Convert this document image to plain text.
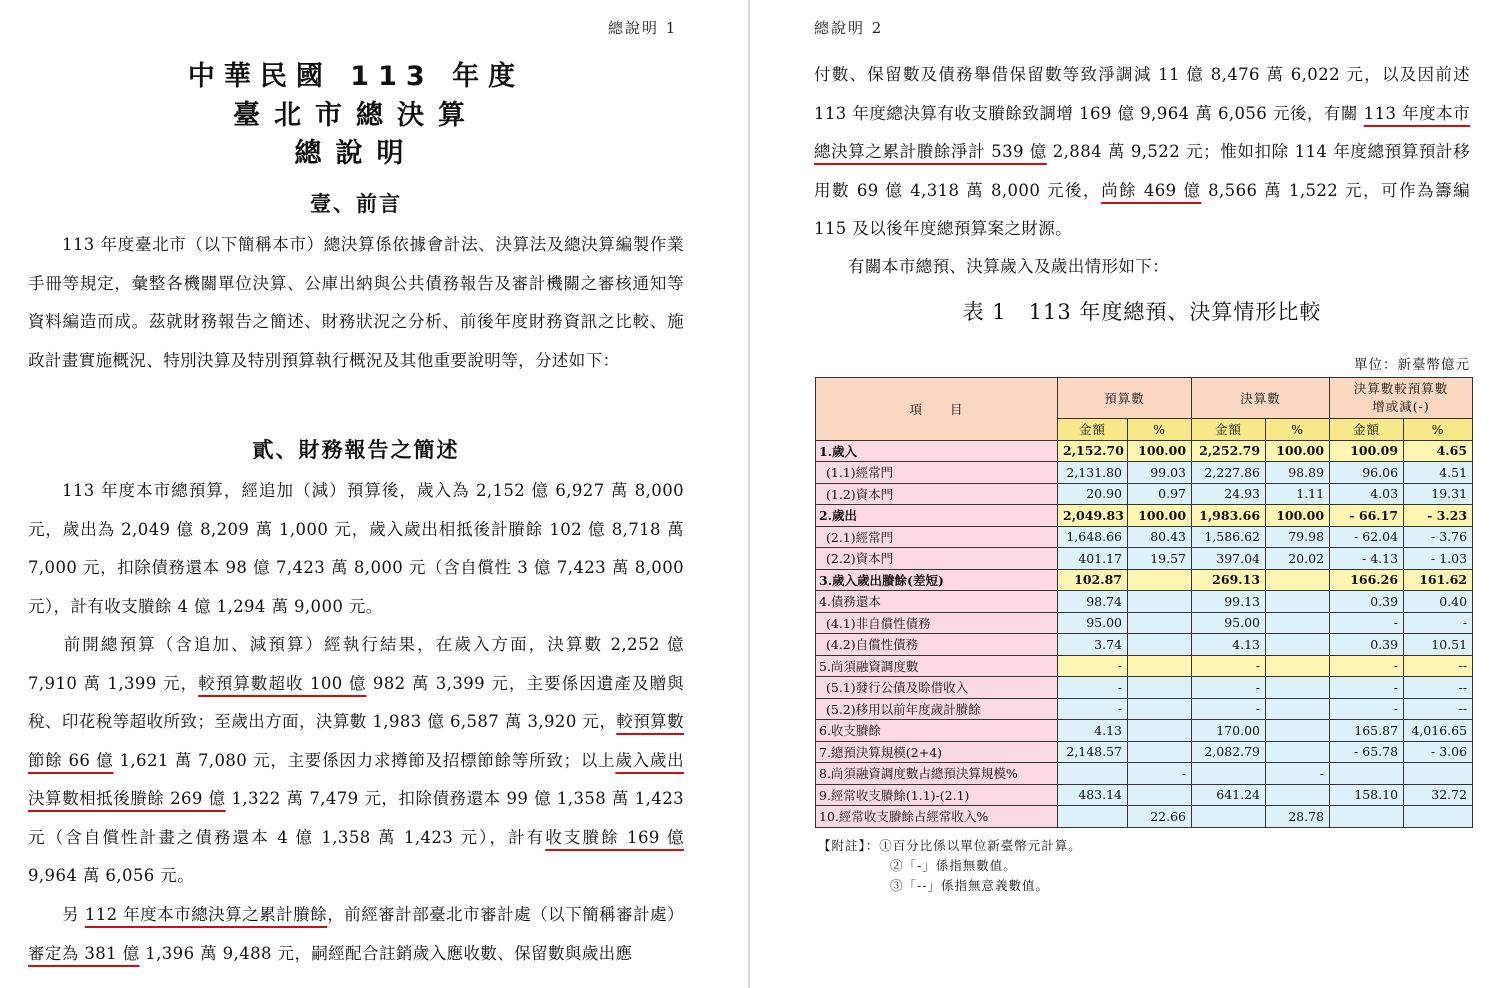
總說明 1
中華民國 113 年度
臺北市總決算
總說明
壹、前言

113 年度臺北市（以下簡稱本市）總決算係依據會計法、決算法及總決算編製作業手冊等規定，彙整各機關單位決算、公庫出納與公共債務報告及審計機關之審核通知等資料編造而成。茲就財務報告之簡述、財務狀況之分析、前後年度財務資訊之比較、施政計畫實施概況、特別決算及特別預算執行概況及其他重要說明等，分述如下：

貳、財務報告之簡述

113 年度本市總預算，經追加（減）預算後，歲入為 2,152 億 6,927 萬 8,000 元，歲出為 2,049 億 8,209 萬 1,000 元，歲入歲出相抵後計賸餘 102 億 8,718 萬 7,000 元，扣除債務還本 98 億 7,423 萬 8,000 元（含自償性 3 億 7,423 萬 8,000 元），計有收支賸餘 4 億 1,294 萬 9,000 元。

前開總預算（含追加、減預算）經執行結果，在歲入方面，決算數 2,252 億 7,910 萬 1,399 元，較預算數超收 100 億 982 萬 3,399 元，主要係因遺產及贈與稅、印花稅等超收所致；至歲出方面，決算數 1,983 億 6,587 萬 3,920 元，較預算數節餘 66 億 1,621 萬 7,080 元，主要係因力求撙節及招標節餘等所致；以上歲入歲出決算數相抵後賸餘 269 億 1,322 萬 7,479 元，扣除債務還本 99 億 1,358 萬 1,423 元（含自償性計畫之債務還本 4 億 1,358 萬 1,423 元），計有收支賸餘 169 億 9,964 萬 6,056 元。

另 112 年度本市總決算之累計賸餘，前經審計部臺北市審計處（以下簡稱審計處）審定為 381 億 1,396 萬 9,488 元，嗣經配合註銷歲入應收數、保留數與歲出應

總說明 2

付數、保留數及債務舉借保留數等致淨調減 11 億 8,476 萬 6,022 元，以及因前述 113 年度總決算有收支賸餘致調增 169 億 9,964 萬 6,056 元後，有關 113 年度本市總決算之累計賸餘淨計 539 億 2,884 萬 9,522 元；惟如扣除 114 年度總預算預計移用數 69 億 4,318 萬 8,000 元後，尚餘 469 億 8,566 萬 1,522 元，可作為籌編 115 及以後年度總預算案之財源。

有關本市總預、決算歲入及歲出情形如下：

表 1　113 年度總預、決算情形比較
單位：新臺幣億元
項　　目	預算數		決算數		決算數較預算數
增或減(-)	
	金額	%	金額	%	金額	%
1.歲入	2,152.70	100.00	2,252.79	100.00	100.09	4.65
(1.1)經常門	2,131.80	99.03	2,227.86	98.89	96.06	4.51
(1.2)資本門	20.90	0.97	24.93	1.11	4.03	19.31
2.歲出	2,049.83	100.00	1,983.66	100.00	- 66.17	- 3.23
(2.1)經常門	1,648.66	80.43	1,586.62	79.98	- 62.04	- 3.76
(2.2)資本門	401.17	19.57	397.04	20.02	- 4.13	- 1.03
3.歲入歲出賸餘(差短)	102.87		269.13		166.26	161.62
4.債務還本	98.74		99.13		0.39	0.40
(4.1)非自償性債務	95.00		95.00		-	-
(4.2)自償性債務	3.74		4.13		0.39	10.51
5.尚須融資調度數	-		-		-	--
(5.1)發行公債及賒借收入	-		-		-	--
(5.2)移用以前年度歲計賸餘	-		-		-	--
6.收支賸餘	4.13		170.00		165.87	4,016.65
7.總預決算規模(2+4)	2,148.57		2,082.79		- 65.78	- 3.06
8.尚須融資調度數占總預決算規模%		-		-		
9.經常收支賸餘(1.1)-(2.1)	483.14		641.24		158.10	32.72
10.經常收支賸餘占經常收入%		22.66		28.78		
【附註】：①百分比係以單位新臺幣元計算。
②「-」係指無數值。
③「--」係指無意義數值。
